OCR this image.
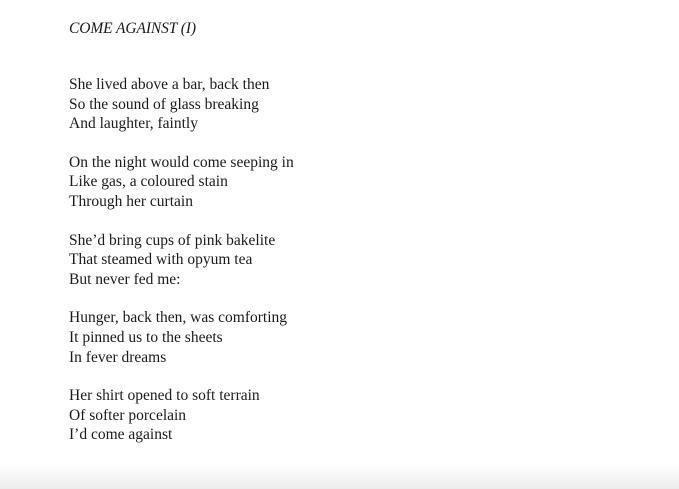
COME AGAINST (I)

She lived above a bar, back then
So the sound of glass breaking
And laughter, faintly

On the night would come seeping in
Like gas, a coloured stain
Through her curtain

She’d bring cups of pink bakelite
That steamed with opyum tea
But never fed me:

Hunger, back then, was comforting
It pinned us to the sheets
In fever dreams

Her shirt opened to soft terrain
Of softer porcelain
I’d come against
